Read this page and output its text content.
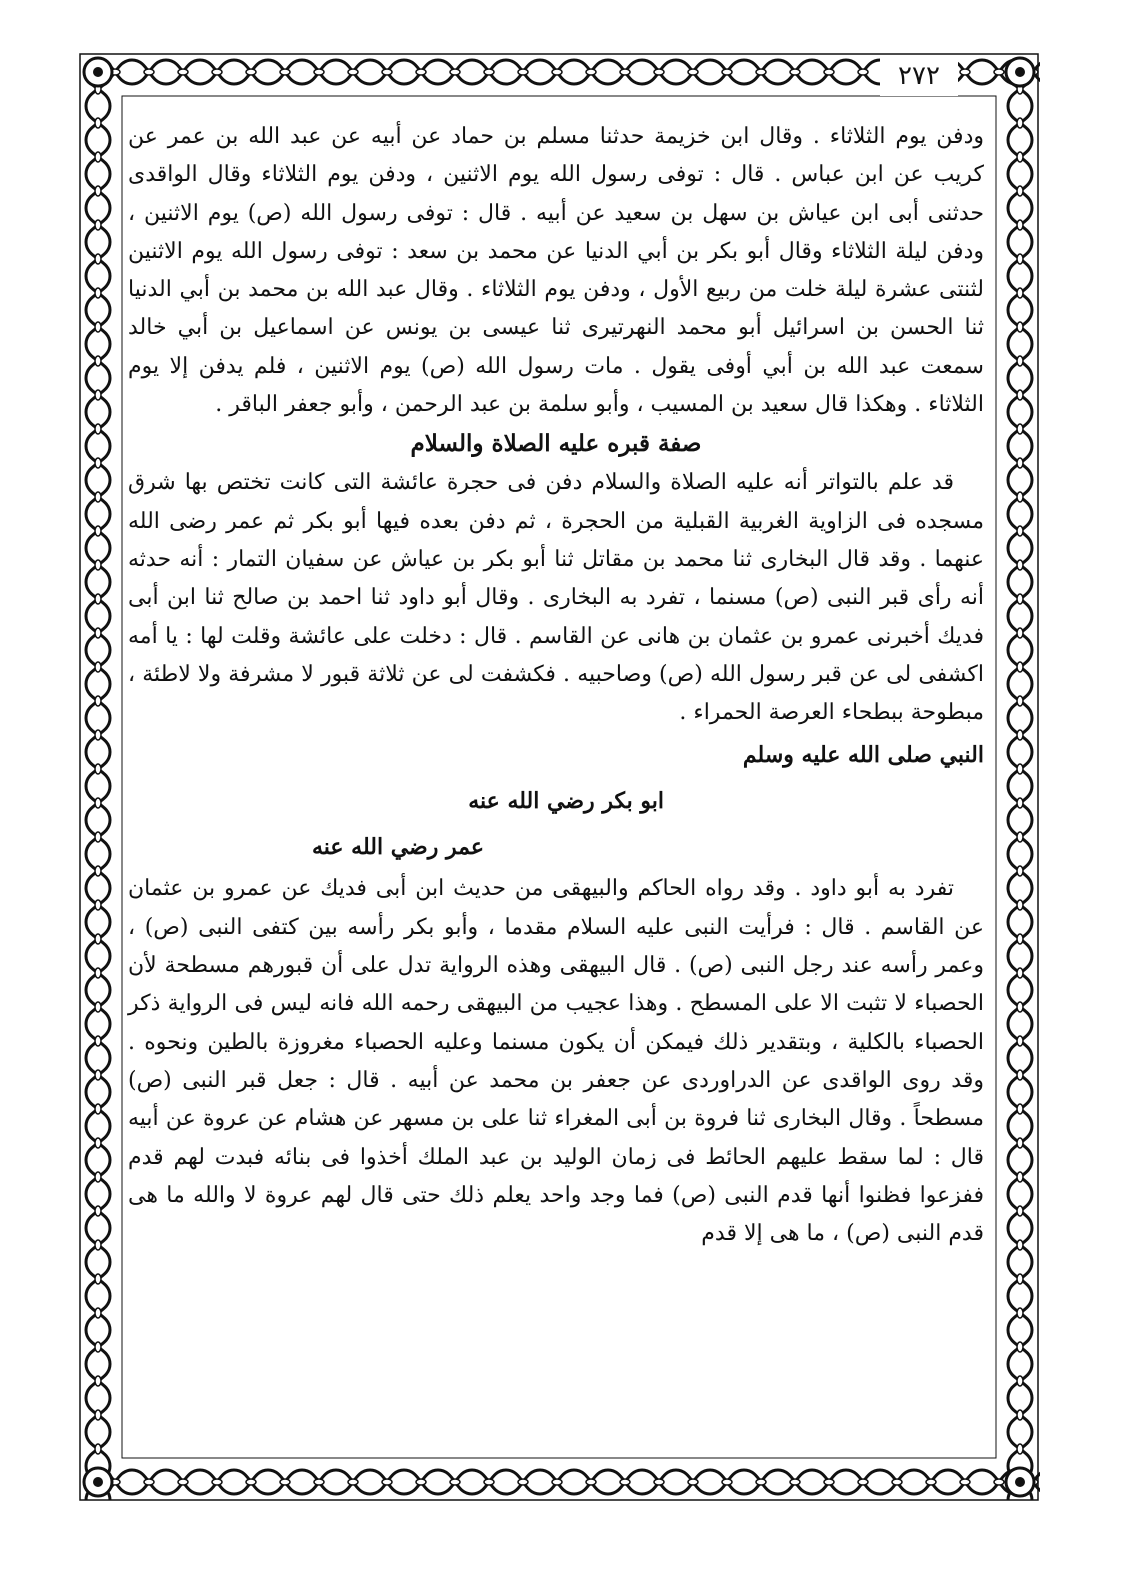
٢٧٢

ودفن يوم الثلاثاء . وقال ابن خزيمة حدثنا مسلم بن حماد عن أبيه عن عبد الله بن عمر عن كريب عن ابن عباس . قال : توفى رسول الله يوم الاثنين ، ودفن يوم الثلاثاء وقال الواقدى حدثنى أبى ابن عياش بن سهل بن سعيد عن أبيه . قال : توفى رسول الله (ص) يوم الاثنين ، ودفن ليلة الثلاثاء وقال أبو بكر بن أبي الدنيا عن محمد بن سعد : توفى رسول الله يوم الاثنين لثنتى عشرة ليلة خلت من ربيع الأول ، ودفن يوم الثلاثاء . وقال عبد الله بن محمد بن أبي الدنيا ثنا الحسن بن اسرائيل أبو محمد النهرتيرى ثنا عيسى بن يونس عن اسماعيل بن أبي خالد سمعت عبد الله بن أبي أوفى يقول . مات رسول الله (ص) يوم الاثنين ، فلم يدفن إلا يوم الثلاثاء . وهكذا قال سعيد بن المسيب ، وأبو سلمة بن عبد الرحمن ، وأبو جعفر الباقر .

صفة قبره عليه الصلاة والسلام

قد علم بالتواتر أنه عليه الصلاة والسلام دفن فى حجرة عائشة التى كانت تختص بها شرق مسجده فى الزاوية الغربية القبلية من الحجرة ، ثم دفن بعده فيها أبو بكر ثم عمر رضى الله عنهما . وقد قال البخارى ثنا محمد بن مقاتل ثنا أبو بكر بن عياش عن سفيان التمار : أنه حدثه أنه رأى قبر النبى (ص) مسنما ، تفرد به البخارى . وقال أبو داود ثنا احمد بن صالح ثنا ابن أبى فديك أخبرنى عمرو بن عثمان بن هانى عن القاسم . قال : دخلت على عائشة وقلت لها : يا أمه اكشفى لى عن قبر رسول الله (ص) وصاحبيه . فكشفت لى عن ثلاثة قبور لا مشرفة ولا لاطئة ، مبطوحة ببطحاء العرصة الحمراء .

النبي صلى الله عليه وسلم

ابو بكر رضي الله عنه

عمر رضي الله عنه

تفرد به أبو داود . وقد رواه الحاكم والبيهقى من حديث ابن أبى فديك عن عمرو بن عثمان عن القاسم . قال : فرأيت النبى عليه السلام مقدما ، وأبو بكر رأسه بين كتفى النبى (ص) ، وعمر رأسه عند رجل النبى (ص) . قال البيهقى وهذه الرواية تدل على أن قبورهم مسطحة لأن الحصباء لا تثبت الا على المسطح . وهذا عجيب من البيهقى رحمه الله فانه ليس فى الرواية ذكر الحصباء بالكلية ، وبتقدير ذلك فيمكن أن يكون مسنما وعليه الحصباء مغروزة بالطين ونحوه . وقد روى الواقدى عن الدراوردى عن جعفر بن محمد عن أبيه . قال : جعل قبر النبى (ص) مسطحاً . وقال البخارى ثنا فروة بن أبى المغراء ثنا على بن مسهر عن هشام عن عروة عن أبيه قال : لما سقط عليهم الحائط فى زمان الوليد بن عبد الملك أخذوا فى بنائه فبدت لهم قدم ففزعوا فظنوا أنها قدم النبى (ص) فما وجد واحد يعلم ذلك حتى قال لهم عروة لا والله ما هى قدم النبى (ص) ، ما هى إلا قدم
